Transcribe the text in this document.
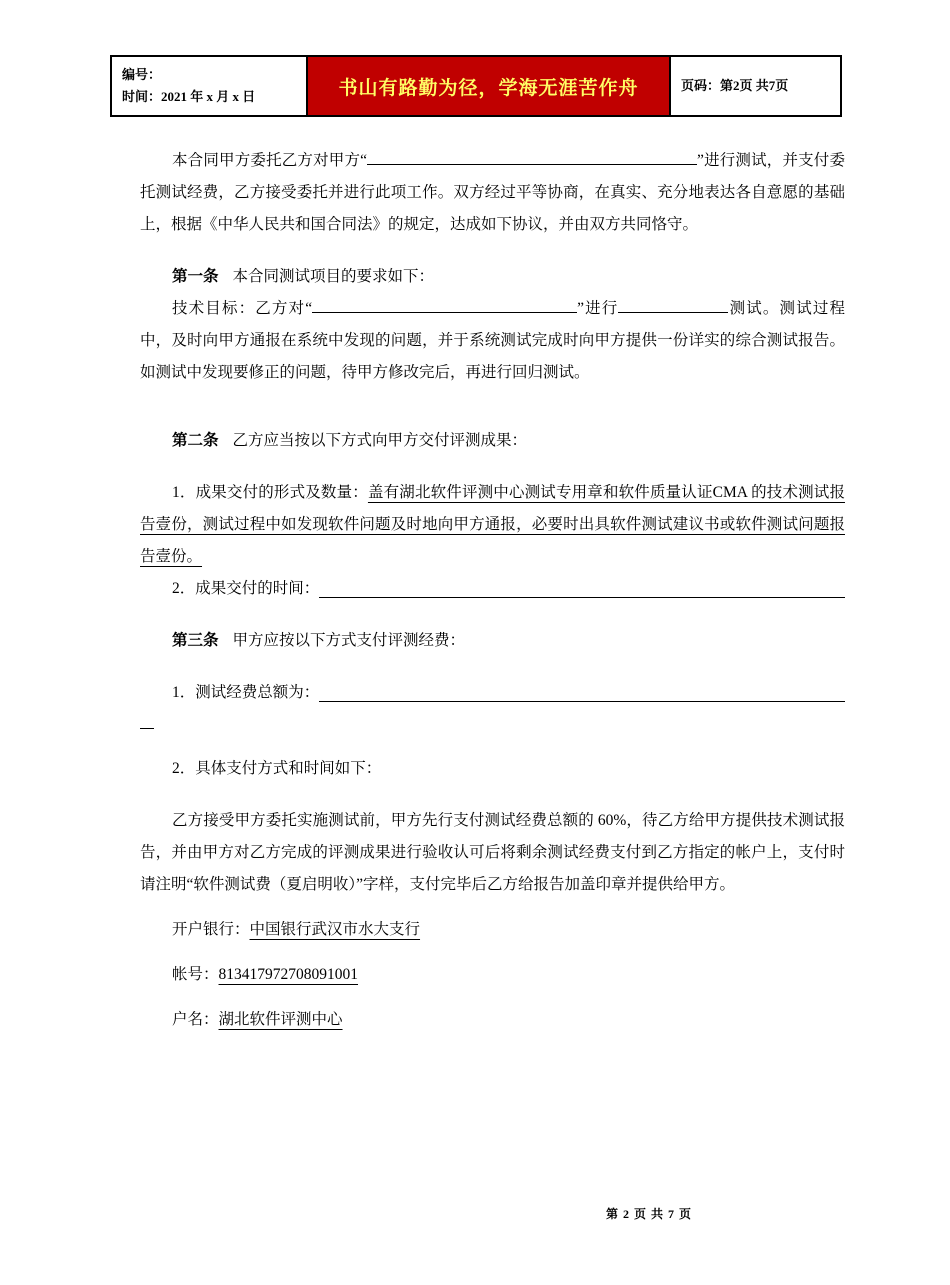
编号：
时间：2021 年 x 月 x 日	书山有路勤为径，学海无涯苦作舟	页码：第2页 共7页

本合同甲方委托乙方对甲方“	”进行测试，并支付委托测试经费，乙方接受委托并进行此项工作。双方经过平等协商，在真实、充分地表达各自意愿的基础上，根据《中华人民共和国合同法》的规定，达成如下协议，并由双方共同恪守。

第一条 本合同测试项目的要求如下：

技术目标：乙方对“	”进行	测试。测试过程中，及时向甲方通报在系统中发现的问题，并于系统测试完成时向甲方提供一份详实的综合测试报告。如测试中发现要修正的问题，待甲方修改完后，再进行回归测试。

第二条 乙方应当按以下方式向甲方交付评测成果：

1．成果交付的形式及数量：盖有湖北软件评测中心测试专用章和软件质量认证CMA 的技术测试报告壹份，测试过程中如发现软件问题及时地向甲方通报，必要时出具软件测试建议书或软件测试问题报告壹份。

2．成果交付的时间：

第三条 甲方应按以下方式支付评测经费：

1．测试经费总额为：

2．具体支付方式和时间如下：

乙方接受甲方委托实施测试前，甲方先行支付测试经费总额的 60%，待乙方给甲方提供技术测试报告，并由甲方对乙方完成的评测成果进行验收认可后将剩余测试经费支付到乙方指定的帐户上，支付时请注明“软件测试费（夏启明收）”字样，支付完毕后乙方给报告加盖印章并提供给甲方。

开户银行：中国银行武汉市水大支行

帐号：813417972708091001

户名：湖北软件评测中心

第 2 页 共 7 页
